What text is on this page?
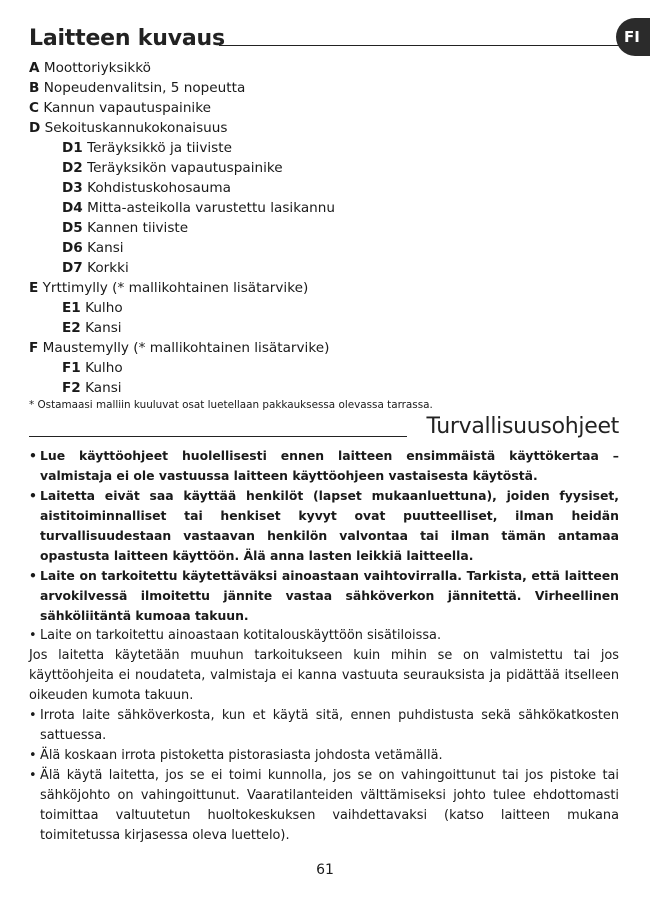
FI
Laitteen kuvaus
A Moottoriyksikkö
B Nopeudenvalitsin, 5 nopeutta
C Kannun vapautuspainike
D Sekoituskannukokonaisuus
D1 Teräyksikkö ja tiiviste
D2 Teräyksikön vapautuspainike
D3 Kohdistuskohosauma
D4 Mitta-asteikolla varustettu lasikannu
D5 Kannen tiiviste
D6 Kansi
D7 Korkki
E Yrttimylly (* mallikohtainen lisätarvike)
E1 Kulho
E2 Kansi
F Maustemylly (* mallikohtainen lisätarvike)
F1 Kulho
F2 Kansi
* Ostamaasi malliin kuuluvat osat luetellaan pakkauksessa olevassa tarrassa.
Turvallisuusohjeet

• Lue käyttöohjeet huolellisesti ennen laitteen ensimmäistä käyttökertaa – valmistaja ei ole vastuussa laitteen käyttöohjeen vastaisesta käytöstä.

• Laitetta eivät saa käyttää henkilöt (lapset mukaanluettuna), joiden fyysiset, aistitoiminnalliset tai henkiset kyvyt ovat puutteelliset, ilman heidän turvallisuudestaan vastaavan henkilön valvontaa tai ilman tämän antamaa opastusta laitteen käyttöön. Älä anna lasten leikkiä laitteella.

• Laite on tarkoitettu käytettäväksi ainoastaan vaihtovirralla. Tarkista, että laitteen arvokilvessä ilmoitettu jännite vastaa sähköverkon jännitettä. Virheellinen sähköliitäntä kumoaa takuun.

• Laite on tarkoitettu ainoastaan kotitalouskäyttöön sisätiloissa.

Jos laitetta käytetään muuhun tarkoitukseen kuin mihin se on valmistettu tai jos käyttöohjeita ei noudateta, valmistaja ei kanna vastuuta seurauksista ja pidättää itselleen oikeuden kumota takuun.

• Irrota laite sähköverkosta, kun et käytä sitä, ennen puhdistusta sekä sähkökatkosten sattuessa.

• Älä koskaan irrota pistoketta pistorasiasta johdosta vetämällä.

• Älä käytä laitetta, jos se ei toimi kunnolla, jos se on vahingoittunut tai jos pistoke tai sähköjohto on vahingoittunut. Vaaratilanteiden välttämiseksi johto tulee ehdottomasti toimittaa valtuutetun huoltokeskuksen vaihdettavaksi (katso laitteen mukana toimitetussa kirjasessa oleva luettelo).

61
